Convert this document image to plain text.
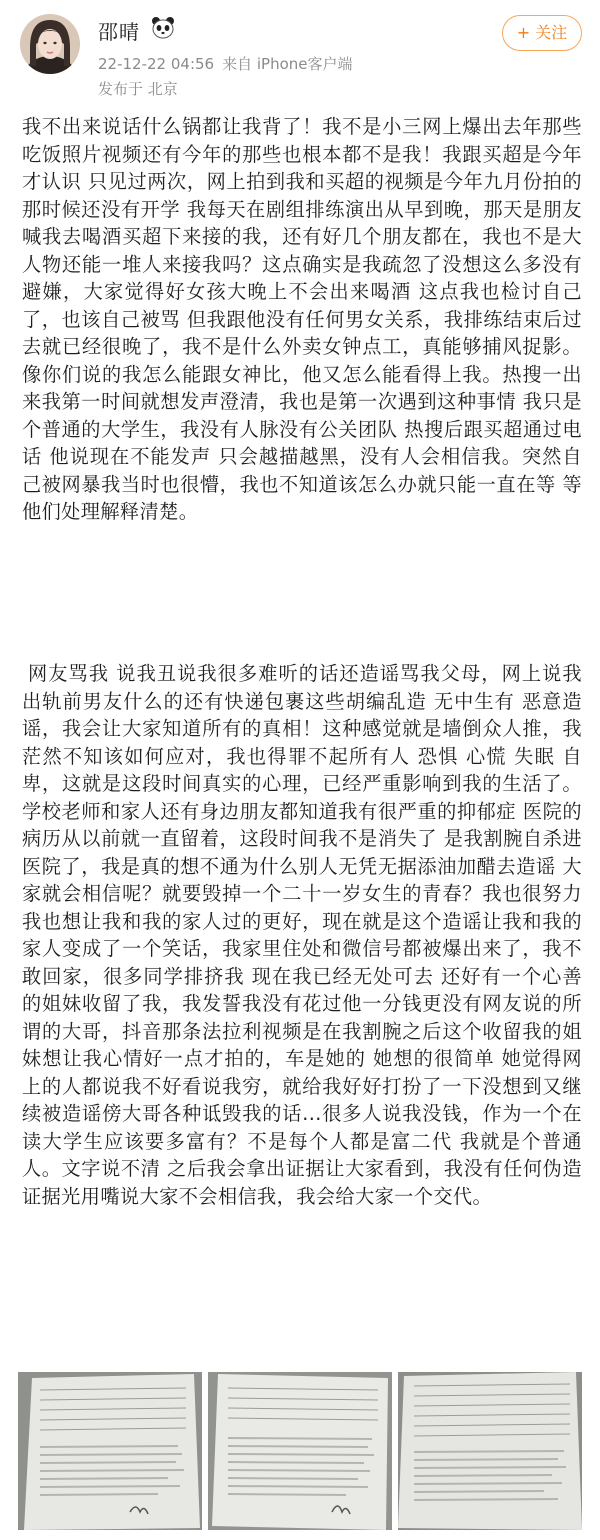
邵晴
22-12-22 04:56 来自 iPhone客户端
发布于 北京
+ 关注

我不出来说话什么锅都让我背了！我不是小三网上爆出去年那些吃饭照片视频还有今年的那些也根本都不是我！我跟买超是今年才认识 只见过两次，网上拍到我和买超的视频是今年九月份拍的 那时候还没有开学 我每天在剧组排练演出从早到晚，那天是朋友喊我去喝酒买超下来接的我，还有好几个朋友都在，我也不是大人物还能一堆人来接我吗？这点确实是我疏忽了没想这么多没有避嫌，大家觉得好女孩大晚上不会出来喝酒 这点我也检讨自己了，也该自己被骂 但我跟他没有任何男女关系，我排练结束后过去就已经很晚了，我不是什么外卖女钟点工，真能够捕风捉影。像你们说的我怎么能跟女神比，他又怎么能看得上我。热搜一出来我第一时间就想发声澄清，我也是第一次遇到这种事情 我只是个普通的大学生，我没有人脉没有公关团队 热搜后跟买超通过电话 他说现在不能发声 只会越描越黑，没有人会相信我。突然自己被网暴我当时也很懵，我也不知道该怎么办就只能一直在等 等他们处理解释清楚。

网友骂我 说我丑说我很多难听的话还造谣骂我父母，网上说我出轨前男友什么的还有快递包裹这些胡编乱造 无中生有 恶意造谣，我会让大家知道所有的真相！这种感觉就是墙倒众人推，我茫然不知该如何应对，我也得罪不起所有人 恐惧 心慌 失眠 自卑，这就是这段时间真实的心理，已经严重影响到我的生活了。学校老师和家人还有身边朋友都知道我有很严重的抑郁症 医院的病历从以前就一直留着，这段时间我不是消失了 是我割腕自杀进医院了，我是真的想不通为什么别人无凭无据添油加醋去造谣 大家就会相信呢？就要毁掉一个二十一岁女生的青春？我也很努力 我也想让我和我的家人过的更好，现在就是这个造谣让我和我的家人变成了一个笑话，我家里住处和微信号都被爆出来了，我不敢回家，很多同学排挤我 现在我已经无处可去 还好有一个心善的姐妹收留了我，我发誓我没有花过他一分钱更没有网友说的所谓的大哥，抖音那条法拉利视频是在我割腕之后这个收留我的姐妹想让我心情好一点才拍的，车是她的 她想的很简单 她觉得网上的人都说我不好看说我穷，就给我好好打扮了一下没想到又继续被造谣傍大哥各种诋毁我的话...很多人说我没钱，作为一个在读大学生应该要多富有？不是每个人都是富二代 我就是个普通人。文字说不清 之后我会拿出证据让大家看到，我没有任何伪造证据光用嘴说大家不会相信我，我会给大家一个交代。
